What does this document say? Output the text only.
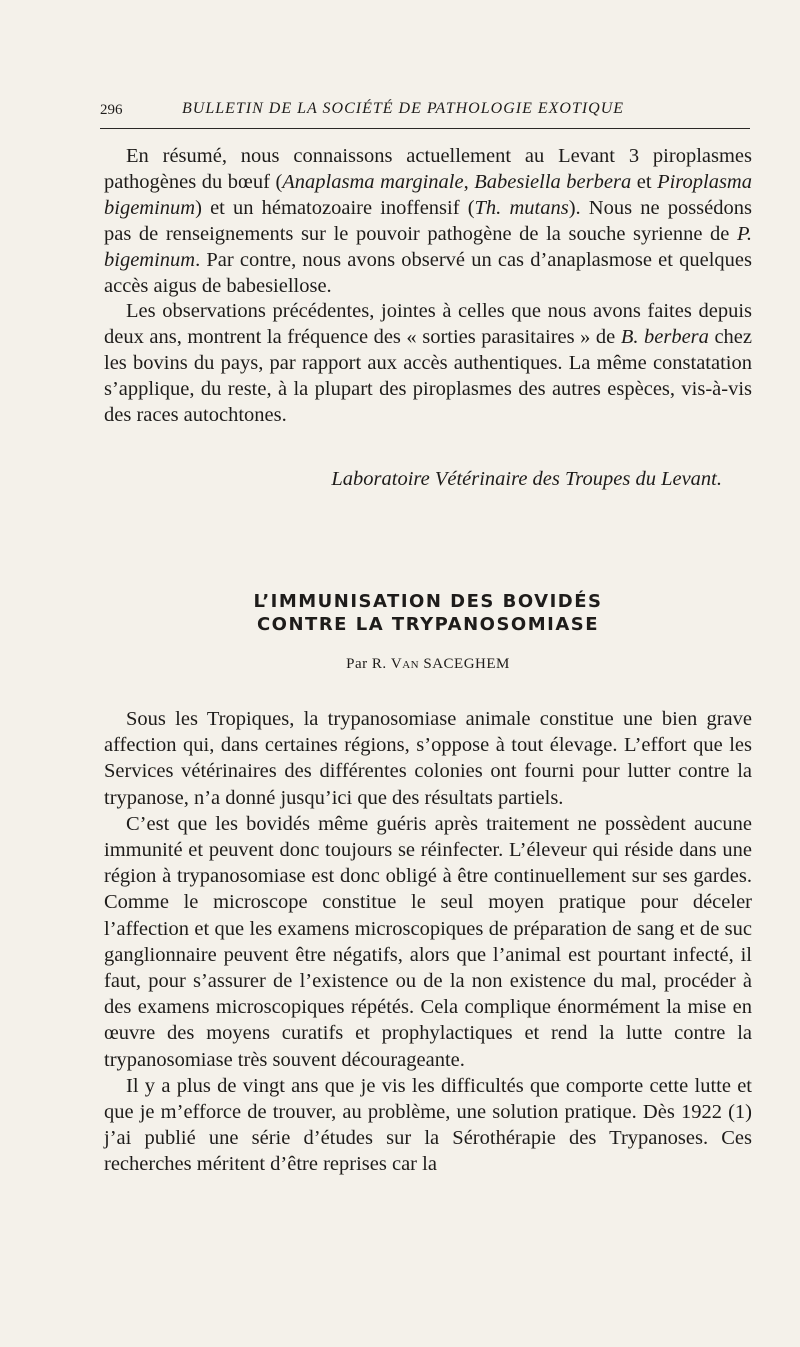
296	BULLETIN DE LA SOCIÉTÉ DE PATHOLOGIE EXOTIQUE

En résumé, nous connaissons actuellement au Levant 3 piroplasmes pathogènes du bœuf (Anaplasma marginale, Babesiella berbera et Piroplasma bigeminum) et un hématozoaire inoffensif (Th. mutans). Nous ne possédons pas de renseignements sur le pouvoir pathogène de la souche syrienne de P. bigeminum. Par contre, nous avons observé un cas d’anaplasmose et quelques accès aigus de babesiellose.

Les observations précédentes, jointes à celles que nous avons faites depuis deux ans, montrent la fréquence des « sorties parasitaires » de B. berbera chez les bovins du pays, par rapport aux accès authentiques. La même constatation s’applique, du reste, à la plupart des piroplasmes des autres espèces, vis-à-vis des races autochtones.

Laboratoire Vétérinaire des Troupes du Levant.
L’IMMUNISATION DES BOVIDÉS
CONTRE LA TRYPANOSOMIASE
Par R. Van SACEGHEM

Sous les Tropiques, la trypanosomiase animale constitue une bien grave affection qui, dans certaines régions, s’oppose à tout élevage. L’effort que les Services vétérinaires des différentes colonies ont fourni pour lutter contre la trypanose, n’a donné jusqu’ici que des résultats partiels.

C’est que les bovidés même guéris après traitement ne possèdent aucune immunité et peuvent donc toujours se réinfecter. L’éleveur qui réside dans une région à trypanosomiase est donc obligé à être continuellement sur ses gardes. Comme le microscope constitue le seul moyen pratique pour déceler l’affection et que les examens microscopiques de préparation de sang et de suc ganglionnaire peuvent être négatifs, alors que l’animal est pourtant infecté, il faut, pour s’assurer de l’existence ou de la non existence du mal, procéder à des examens microscopiques répétés. Cela complique énormément la mise en œuvre des moyens curatifs et prophylactiques et rend la lutte contre la trypanosomiase très souvent décourageante.

Il y a plus de vingt ans que je vis les difficultés que comporte cette lutte et que je m’efforce de trouver, au problème, une solution pratique. Dès 1922 (1) j’ai publié une série d’études sur la Sérothérapie des Trypanoses. Ces recherches méritent d’être reprises car la
